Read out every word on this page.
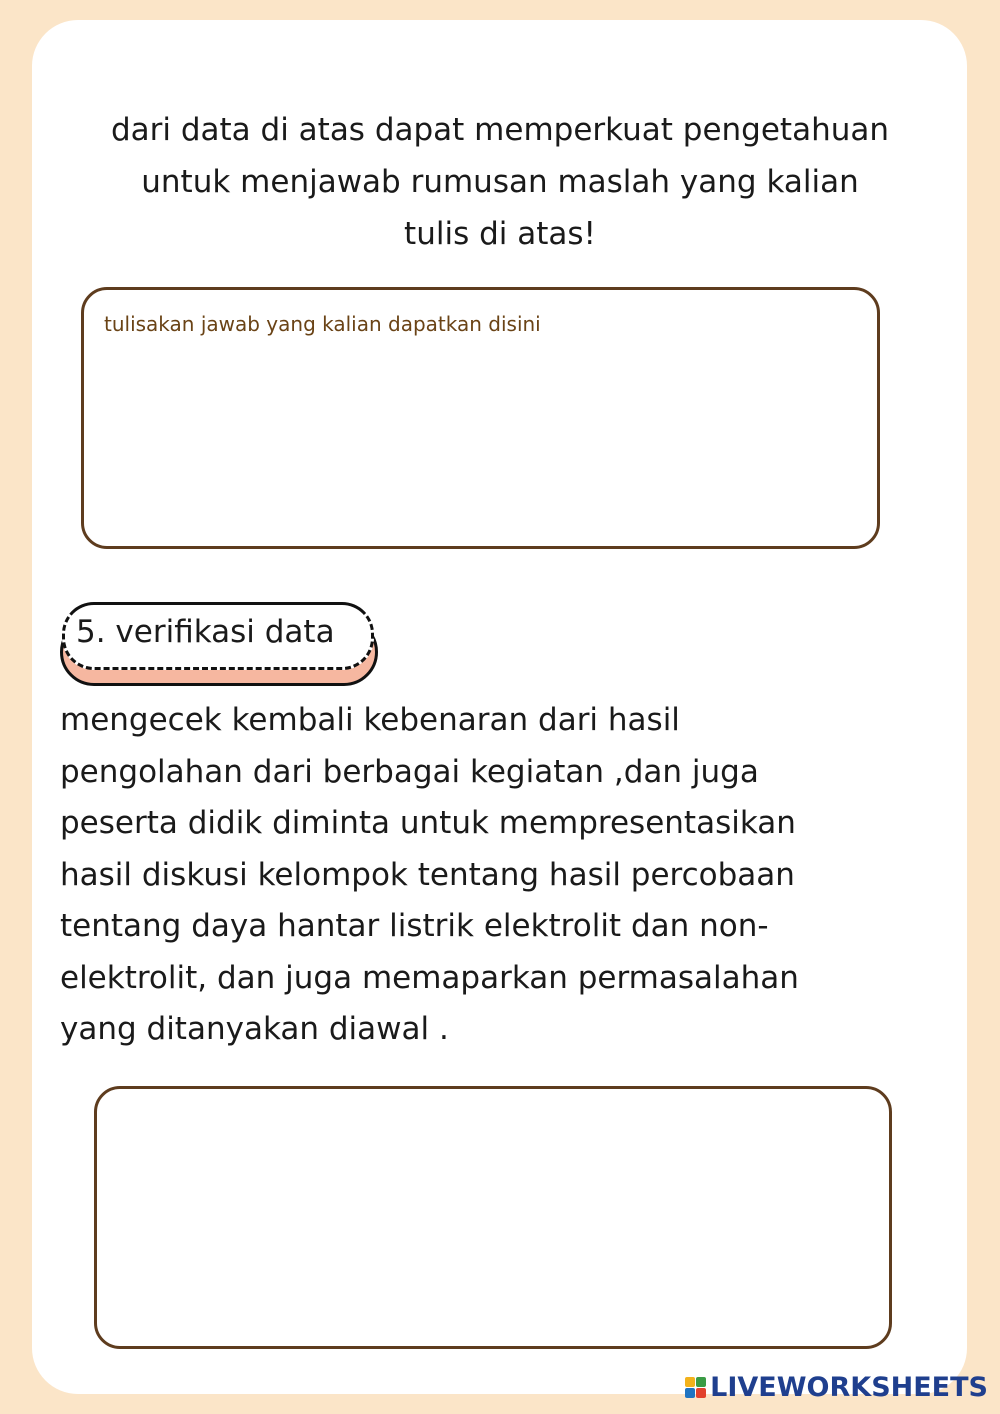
dari data di atas dapat memperkuat pengetahuan
untuk menjawab rumusan maslah yang kalian
tulis di atas!

tulisakan jawab yang kalian dapatkan disini
5. verifikasi data

mengecek kembali kebenaran dari hasil
pengolahan dari berbagai kegiatan ,dan juga
peserta didik diminta untuk mempresentasikan
hasil diskusi kelompok tentang hasil percobaan
tentang daya hantar listrik elektrolit dan non-
elektrolit, dan juga memaparkan permasalahan
yang ditanyakan diawal .

LIVEWORKSHEETS
